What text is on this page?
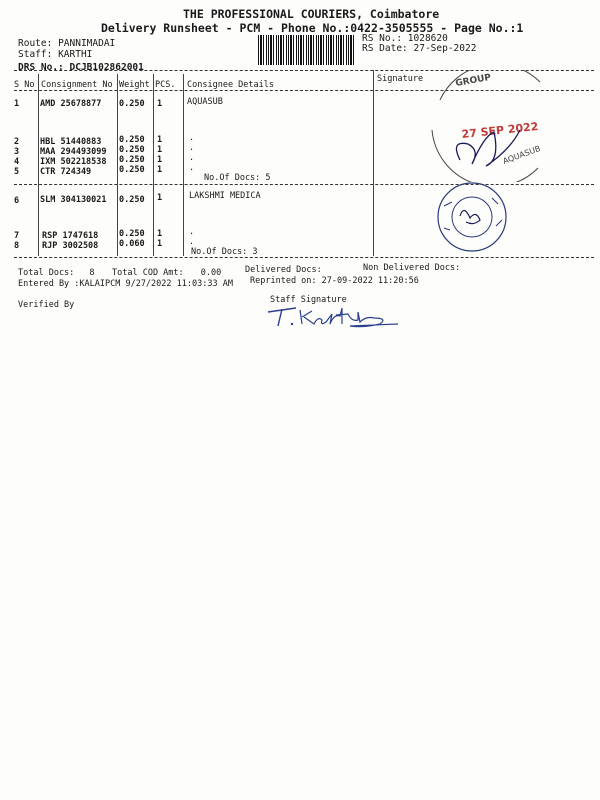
THE PROFESSIONAL COURIERS, Coimbatore
Delivery Runsheet - PCM - Phone No.:0422-3505555 - Page No.:1
Route: PANNIMADAI
Staff: KARTHI
DRS No.: DCJB102862001
RS No.: 1028620
RS Date: 27-Sep-2022
S No Consignment No Weight PCS. Consignee Details
Signature
1 AMD 25678877 0.250 1	AQUASUB
2 HBL 51440883 0.250 1	.
3 MAA 294493099 0.250 1	.
4 IXM 502218538 0.250 1	.
5 CTR 724349	0.250 1	.
No.Of Docs: 5
6 SLM 304130021 0.250 1	LAKSHMI MEDICA
7	RSP 1747618 0.250 1	.
8	RJP 3002508 0.060 1	.
No.Of Docs: 3
Total Docs: 8 Total COD Amt: 0.00	Delivered Docs:	Non Delivered Docs:
Entered By :KALAIPCM 9/27/2022 11:03:33 AM Reprinted on: 27-09-2022 11:20:56
Staff Signature
Verified By
GROUP
AQUASUB
27 SEP 2022
